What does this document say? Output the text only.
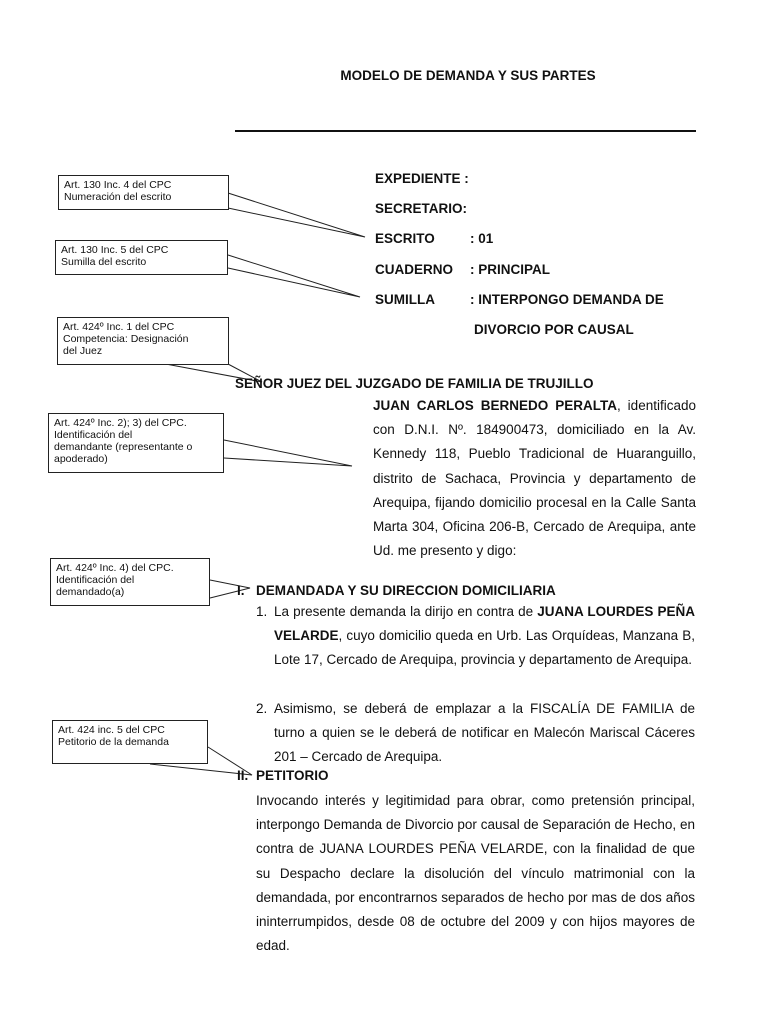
MODELO DE DEMANDA Y SUS PARTES
EXPEDIENTE :
SECRETARIO:
ESCRITO	: 01
CUADERNO : PRINCIPAL
SUMILLA	: INTERPONGO DEMANDA DE
DIVORCIO POR CAUSAL
Art. 130 Inc. 4 del CPC
Numeración del escrito
Art. 130 Inc. 5 del CPC
Sumilla del escrito
Art. 424º Inc. 1 del CPC
Competencia: Designación
del Juez
Art. 424º Inc. 2); 3) del CPC.
Identificación del
demandante (representante o
apoderado)
Art. 424º Inc. 4) del CPC.
Identificación del
demandado(a)
Art. 424 inc. 5 del CPC
Petitorio de la demanda
SEÑOR JUEZ DEL JUZGADO DE FAMILIA DE TRUJILLO
JUAN CARLOS BERNEDO PERALTA, identificado con D.N.I. Nº. 184900473, domiciliado en la Av. Kennedy 118, Pueblo Tradicional de Huaranguillo, distrito de Sachaca, Provincia y departamento de Arequipa, fijando domicilio procesal en la Calle Santa Marta 304, Oficina 206-B, Cercado de Arequipa, ante Ud. me presento y digo:
I. DEMANDADA Y SU DIRECCION DOMICILIARIA
1. La presente demanda la dirijo en contra de JUANA LOURDES PEÑA VELARDE, cuyo domicilio queda en Urb. Las Orquídeas, Manzana B, Lote 17, Cercado de Arequipa, provincia y departamento de Arequipa.
2. Asimismo, se deberá de emplazar a la FISCALÍA DE FAMILIA de turno a quien se le deberá de notificar en Malecón Mariscal Cáceres 201 – Cercado de Arequipa.
II. PETITORIO
Invocando interés y legitimidad para obrar, como pretensión principal, interpongo Demanda de Divorcio por causal de Separación de Hecho, en contra de JUANA LOURDES PEÑA VELARDE, con la finalidad de que su Despacho declare la disolución del vínculo matrimonial con la demandada, por encontrarnos separados de hecho por mas de dos años ininterrumpidos, desde 08 de octubre del 2009 y con hijos mayores de edad.
